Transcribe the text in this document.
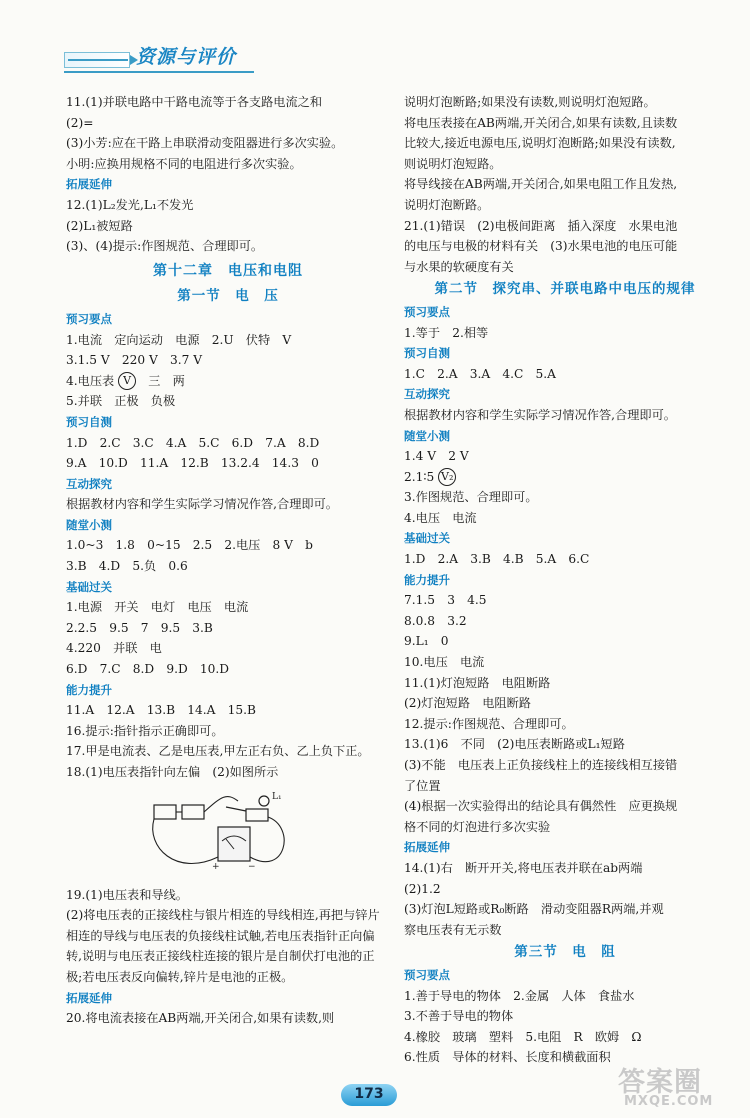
资源与评价
11.(1)并联电路中干路电流等于各支路电流之和
(2)=
(3)小芳:应在干路上串联滑动变阻器进行多次实验。
小明:应换用规格不同的电阻进行多次实验。
拓展延伸
12.(1)L₂发光,L₁不发光
(2)L₁被短路
(3)、(4)提示:作图规范、合理即可。
第十二章　电压和电阻
第一节　电　压
预习要点
1.电流　定向运动　电源　2.U　伏特　V
3.1.5 V　220 V　3.7 V
4.电压表 V　三　两
5.并联　正极　负极
预习自测
1.D　2.C　3.C　4.A　5.C　6.D　7.A　8.D
9.A　10.D　11.A　12.B　13.2.4　14.3　0
互动探究
根据教材内容和学生实际学习情况作答,合理即可。
随堂小测
1.0~3　1.8　0~15　2.5　2.电压　8 V　b
3.B　4.D　5.负　0.6
基础过关
1.电源　开关　电灯　电压　电流
2.2.5　9.5　7　9.5　3.B
4.220　并联　电
6.D　7.C　8.D　9.D　10.D
能力提升
11.A　12.A　13.B　14.A　15.B
16.提示:指针指示正确即可。
17.甲是电流表、乙是电压表,甲左正右负、乙上负下正。
18.(1)电压表指针向左偏　(2)如图所示
L₁
+	−
19.(1)电压表和导线。
(2)将电压表的正接线柱与银片相连的导线相连,再把与锌片相连的导线与电压表的负接线柱试触,若电压表指针正向偏转,说明与电压表正接线柱连接的银片是自制伏打电池的正极;若电压表反向偏转,锌片是电池的正极。
拓展延伸
20.将电流表接在AB两端,开关闭合,如果有读数,则
说明灯泡断路;如果没有读数,则说明灯泡短路。
将电压表接在AB两端,开关闭合,如果有读数,且读数
比较大,接近电源电压,说明灯泡断路;如果没有读数,
则说明灯泡短路。
将导线接在AB两端,开关闭合,如果电阻工作且发热,
说明灯泡断路。
21.(1)错误　(2)电极间距离　插入深度　水果电池
的电压与电极的材料有关　(3)水果电池的电压可能
与水果的软硬度有关
第二节　探究串、并联电路中电压的规律
预习要点
1.等于　2.相等
预习自测
1.C　2.A　3.A　4.C　5.A
互动探究
根据教材内容和学生实际学习情况作答,合理即可。
随堂小测
1.4 V　2 V
2.1∶5 V₂
3.作图规范、合理即可。
4.电压　电流
基础过关
1.D　2.A　3.B　4.B　5.A　6.C
能力提升
7.1.5　3　4.5
8.0.8　3.2
9.L₁　0
10.电压　电流
11.(1)灯泡短路　电阻断路
(2)灯泡短路　电阻断路
12.提示:作图规范、合理即可。
13.(1)6　不同　(2)电压表断路或L₁短路
(3)不能　电压表上正负接线柱上的连接线相互接错
了位置
(4)根据一次实验得出的结论具有偶然性　应更换规
格不同的灯泡进行多次实验
拓展延伸
14.(1)右　断开开关,将电压表并联在ab两端
(2)1.2
(3)灯泡L短路或R₀断路　滑动变阻器R两端,并观
察电压表有无示数
第三节　电　阻
预习要点
1.善于导电的物体　2.金属　人体　食盐水
3.不善于导电的物体
4.橡胶　玻璃　塑料　5.电阻　R　欧姆　Ω
6.性质　导体的材料、长度和横截面积
173	答案圈
MXQE.COM
